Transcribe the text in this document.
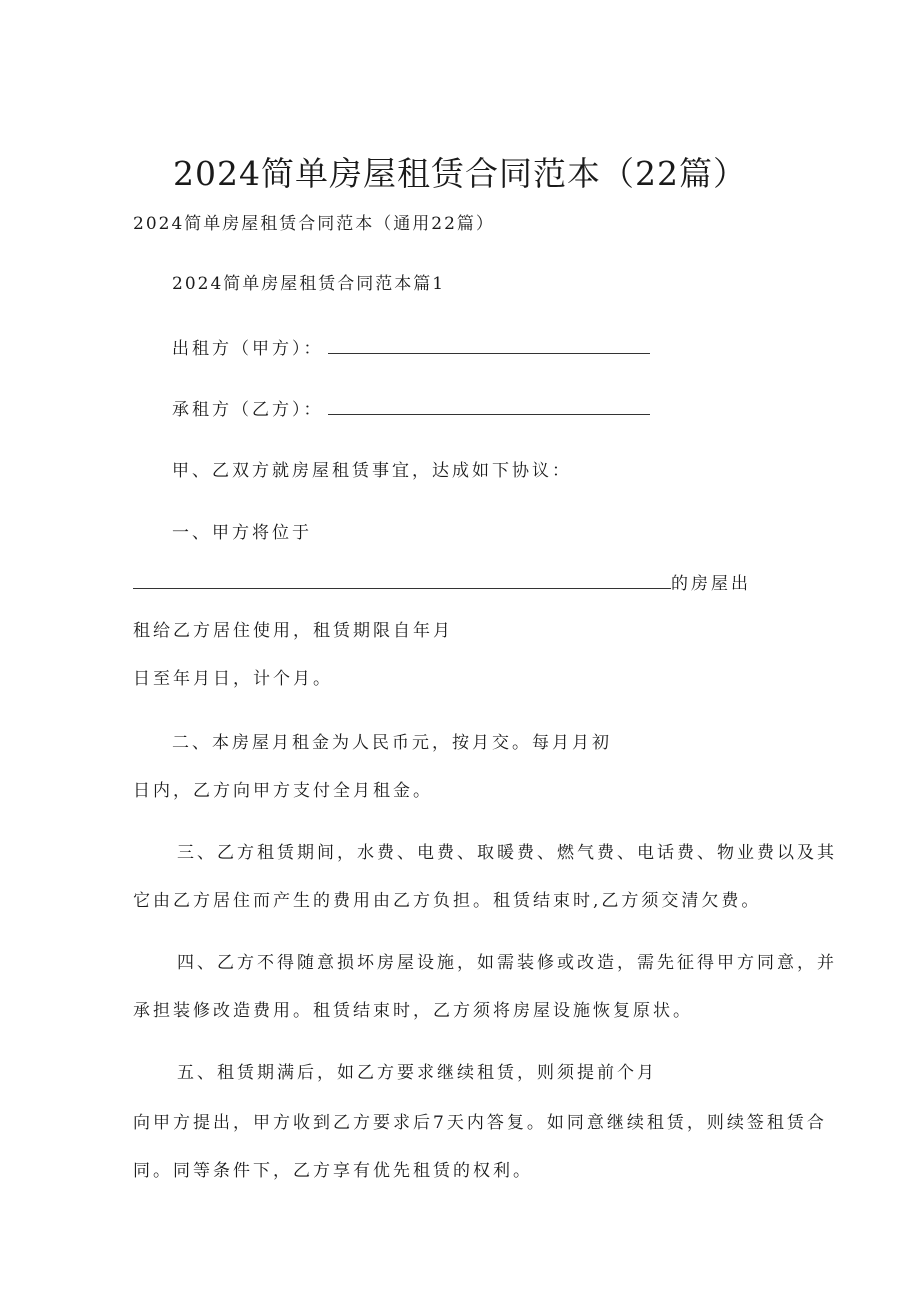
2024简单房屋租赁合同范本（22篇）
2024简单房屋租赁合同范本（通用22篇）
2024简单房屋租赁合同范本篇1
出租方（甲方）：
承租方（乙方）：
甲、乙双方就房屋租赁事宜，达成如下协议：
一、甲方将位于
的房屋出
租给乙方居住使用，租赁期限自年月
日至年月日，计个月。
二、本房屋月租金为人民币元，按月交。每月月初
日内，乙方向甲方支付全月租金。
三、乙方租赁期间，水费、电费、取暖费、燃气费、电话费、物业费以及其
它由乙方居住而产生的费用由乙方负担。租赁结束时,乙方须交清欠费。
四、乙方不得随意损坏房屋设施，如需装修或改造，需先征得甲方同意，并
承担装修改造费用。租赁结束时，乙方须将房屋设施恢复原状。
五、租赁期满后，如乙方要求继续租赁，则须提前个月
向甲方提出，甲方收到乙方要求后7天内答复。如同意继续租赁，则续签租赁合
同。同等条件下，乙方享有优先租赁的权利。
